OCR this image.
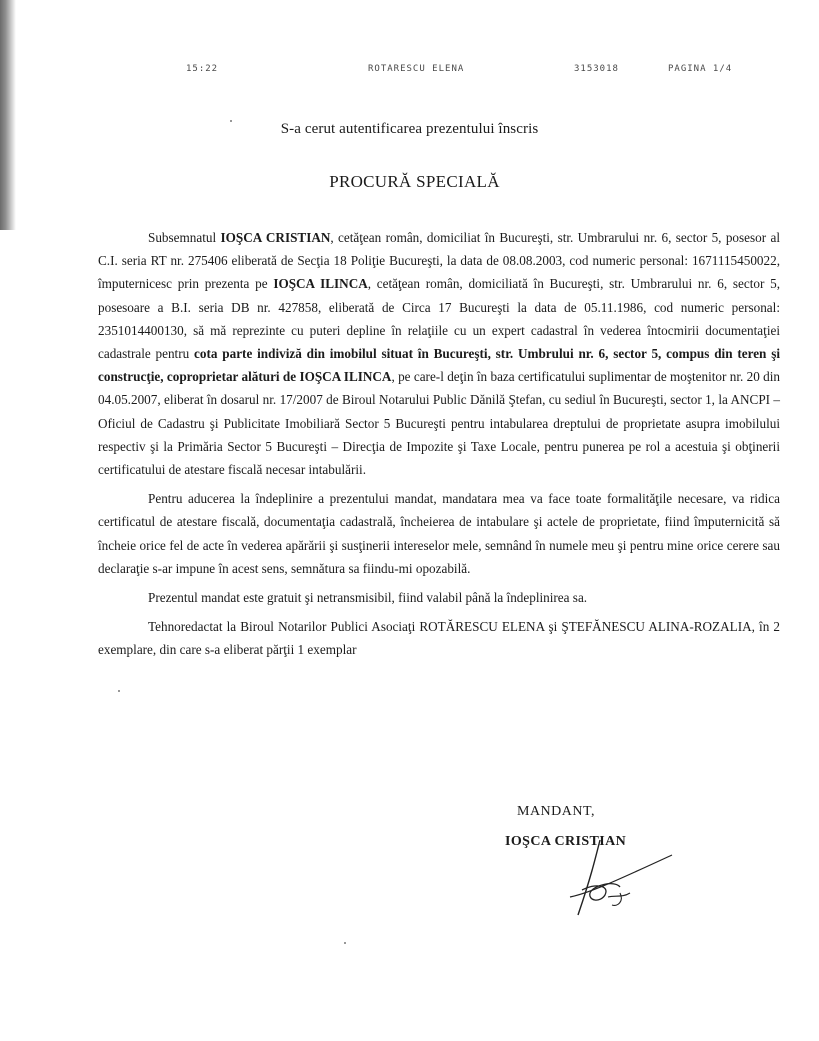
15:22	ROTARESCU ELENA	3153018	PAGINA 1/4
S-a cerut autentificarea prezentului înscris
PROCURĂ SPECIALĂ

Subsemnatul IOŞCA CRISTIAN, cetăţean român, domiciliat în Bucureşti, str. Umbrarului nr. 6, sector 5, posesor al C.I. seria RT nr. 275406 eliberată de Secţia 18 Poliţie Bucureşti, la data de 08.08.2003, cod numeric personal: 1671115450022, împuternicesc prin prezenta pe IOŞCA ILINCA, cetăţean român, domiciliată în Bucureşti, str. Umbrarului nr. 6, sector 5, posesoare a B.I. seria DB nr. 427858, eliberată de Circa 17 Bucureşti la data de 05.11.1986, cod numeric personal: 2351014400130, să mă reprezinte cu puteri depline în relaţiile cu un expert cadastral în vederea întocmirii documentaţiei cadastrale pentru cota parte indiviză din imobilul situat în Bucureşti, str. Umbrului nr. 6, sector 5, compus din teren şi construcţie, coproprietar alături de IOŞCA ILINCA, pe care-l deţin în baza certificatului suplimentar de moştenitor nr. 20 din 04.05.2007, eliberat în dosarul nr. 17/2007 de Biroul Notarului Public Dănilă Ştefan, cu sediul în Bucureşti, sector 1, la ANCPI – Oficiul de Cadastru şi Publicitate Imobiliară Sector 5 Bucureşti pentru intabularea dreptului de proprietate asupra imobilului respectiv şi la Primăria Sector 5 Bucureşti – Direcţia de Impozite şi Taxe Locale, pentru punerea pe rol a acestuia şi obţinerii certificatului de atestare fiscală necesar intabulării.

Pentru aducerea la îndeplinire a prezentului mandat, mandatara mea va face toate formalităţile necesare, va ridica certificatul de atestare fiscală, documentaţia cadastrală, încheierea de intabulare şi actele de proprietate, fiind împuternicită să încheie orice fel de acte în vederea apărării şi susţinerii intereselor mele, semnând în numele meu şi pentru mine orice cerere sau declaraţie s-ar impune în acest sens, semnătura sa fiindu-mi opozabilă.

Prezentul mandat este gratuit şi netransmisibil, fiind valabil până la îndeplinirea sa.

Tehnoredactat la Biroul Notarilor Publici Asociaţi ROTĂRESCU ELENA şi ŞTEFĂNESCU ALINA-ROZALIA, în 2 exemplare, din care s-a eliberat părţii 1 exemplar

MANDANT,
IOŞCA CRISTIAN
